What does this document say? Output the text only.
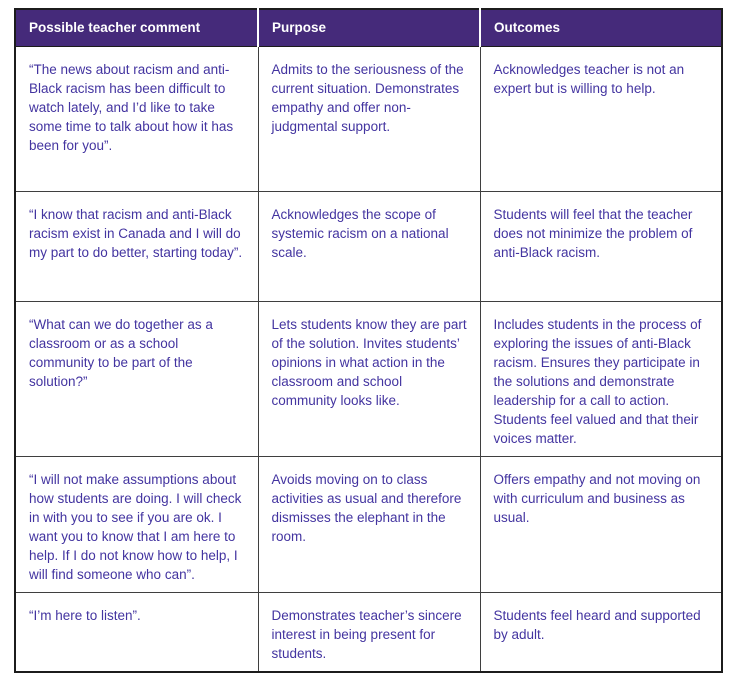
Possible teacher comment	Purpose	Outcomes
“The news about racism and anti-Black racism has been difficult to watch lately, and I’d like to take some time to talk about how it has been for you”.	Admits to the seriousness of the current situation. Demonstrates empathy and offer non-judgmental support.	Acknowledges teacher is not an expert but is willing to help.
“I know that racism and anti-Black racism exist in Canada and I will do my part to do better, starting today”.	Acknowledges the scope of systemic racism on a national scale.	Students will feel that the teacher does not minimize the problem of anti-Black racism.
“What can we do together as a classroom or as a school community to be part of the solution?”	Lets students know they are part of the solution. Invites students’ opinions in what action in the classroom and school community looks like.	Includes students in the process of exploring the issues of anti-Black racism. Ensures they participate in the solutions and demonstrate leadership for a call to action. Students feel valued and that their voices matter.
“I will not make assumptions about how students are doing. I will check in with you to see if you are ok. I want you to know that I am here to help. If I do not know how to help, I will find someone who can”.	Avoids moving on to class activities as usual and therefore dismisses the elephant in the room.	Offers empathy and not moving on with curriculum and business as usual.
“I’m here to listen”.	Demonstrates teacher’s sincere interest in being present for students.	Students feel heard and supported by adult.
